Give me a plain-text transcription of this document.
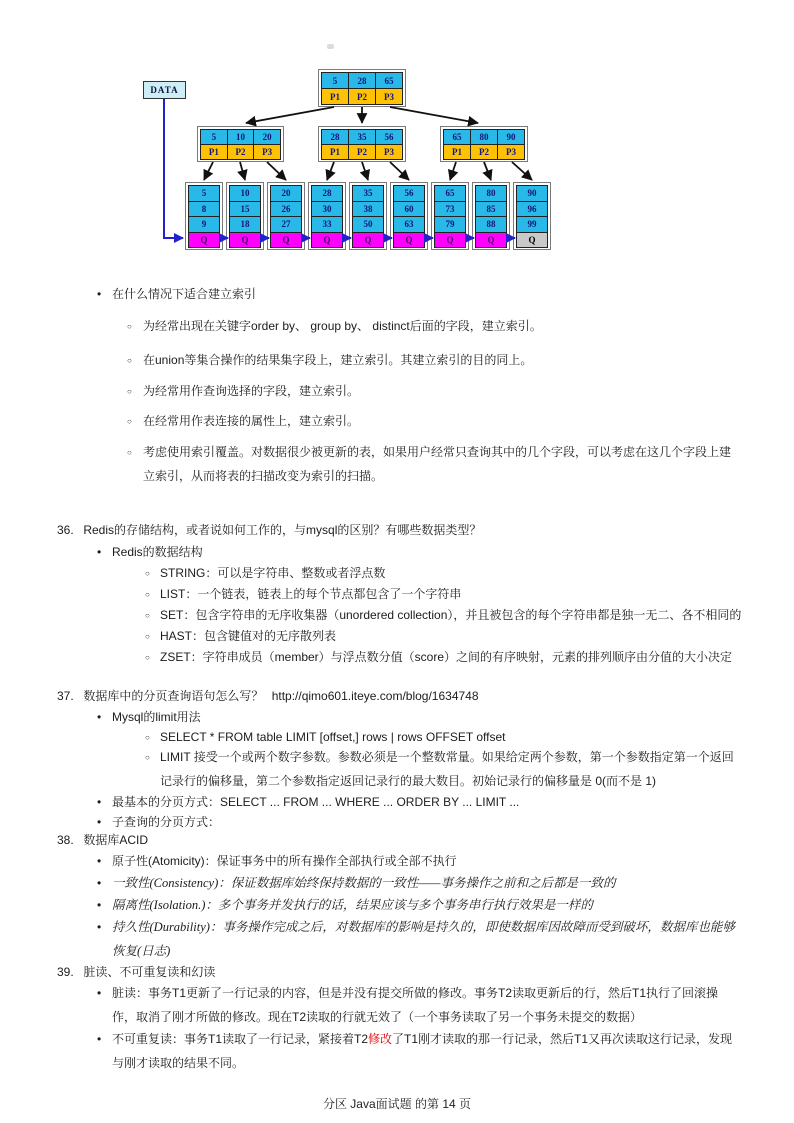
DATA
5	28	65
P1	P2	P3
5	10	20
P1	P2	P3
28	35	56
P1	P2	P3
65	80	90
P1	P2	P3
5
8
9
Q
10
15
18
Q
20
26
27
Q
28
30
33
Q
35
38
50
Q
56
60
63
Q
65
73
79
Q
80
85
88
Q
90
96
99
Q
•
在什么情况下适合建立索引
○
为经常出现在关键字order by、 group by、 distinct后面的字段，建立索引。
○
在union等集合操作的结果集字段上，建立索引。其建立索引的目的同上。
○
为经常用作查询选择的字段，建立索引。
○
在经常用作表连接的属性上，建立索引。
○
考虑使用索引覆盖。对数据很少被更新的表，如果用户经常只查询其中的几个字段，可以考虑在这几个字段上建立索引，从而将表的扫描改变为索引的扫描。
36. Redis的存储结构，或者说如何工作的，与mysql的区别？有哪些数据类型？
•
Redis的数据结构
○
STRING：可以是字符串、整数或者浮点数
○
LIST：一个链表，链表上的每个节点都包含了一个字符串
○
SET：包含字符串的无序收集器（unordered collection），并且被包含的每个字符串都是独一无二、各不相同的
○
HAST：包含键值对的无序散列表
○
ZSET：字符串成员（member）与浮点数分值（score）之间的有序映射，元素的排列顺序由分值的大小决定
37. 数据库中的分页查询语句怎么写？ http://qimo601.iteye.com/blog/1634748
•
Mysql的limit用法
○
SELECT * FROM table LIMIT [offset,] rows | rows OFFSET offset
○
LIMIT 接受一个或两个数字参数。参数必须是一个整数常量。如果给定两个参数，第一个参数指定第一个返回记录行的偏移量，第二个参数指定返回记录行的最大数目。初始记录行的偏移量是 0(而不是 1)
•
最基本的分页方式：SELECT ... FROM ... WHERE ... ORDER BY ... LIMIT ...
•
子查询的分页方式：
38. 数据库ACID
•
原子性(Atomicity)：保证事务中的所有操作全部执行或全部不执行
•
一致性(Consistency)：保证数据库始终保持数据的一致性——事务操作之前和之后都是一致的
•
隔离性(Isolation.)：多个事务并发执行的话，结果应该与多个事务串行执行效果是一样的
•
持久性(Durability)：事务操作完成之后，对数据库的影响是持久的，即使数据库因故障而受到破坏，数据库也能够恢复(日志)
39. 脏读、不可重复读和幻读
•
脏读：事务T1更新了一行记录的内容，但是并没有提交所做的修改。事务T2读取更新后的行，然后T1执行了回滚操作，取消了刚才所做的修改。现在T2读取的行就无效了（一个事务读取了另一个事务未提交的数据）
•
不可重复读：事务T1读取了一行记录，紧接着T2修改了T1刚才读取的那一行记录，然后T1又再次读取这行记录，发现与刚才读取的结果不同。
分区 Java面试题 的第 14 页
